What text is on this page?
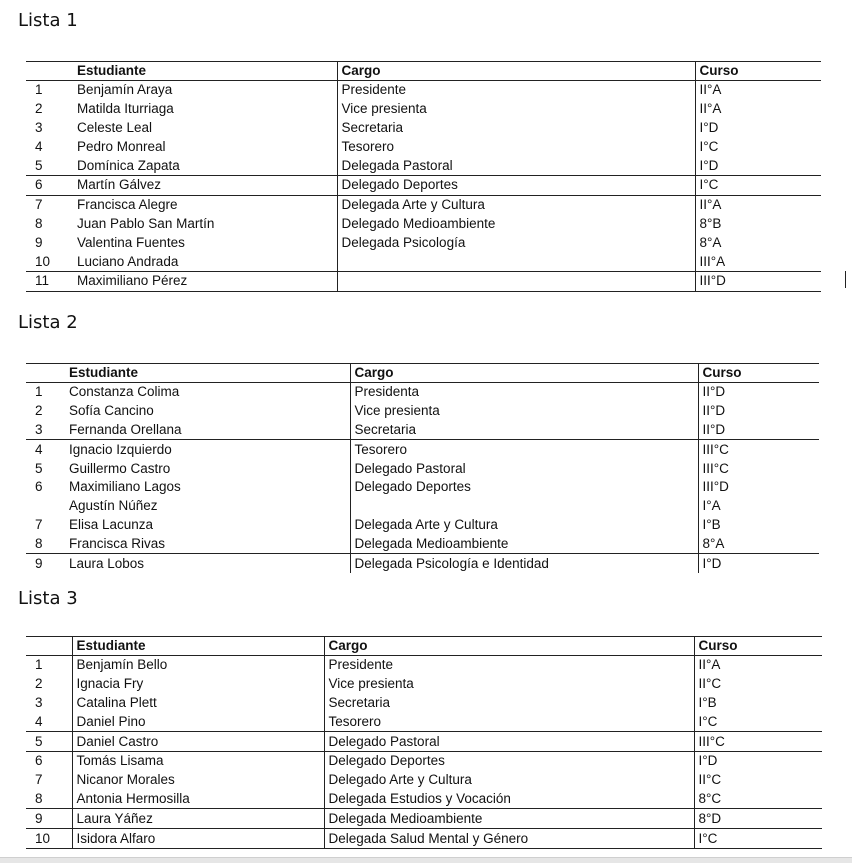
Lista 1
	Estudiante	Cargo	Curso
1	Benjamín Araya	Presidente	II°A
2	Matilda Iturriaga	Vice presienta	II°A
3	Celeste Leal	Secretaria	I°D
4	Pedro Monreal	Tesorero	I°C
5	Domínica Zapata	Delegada Pastoral	I°D
6	Martín Gálvez	Delegado Deportes	I°C
7	Francisca Alegre	Delegada Arte y Cultura	II°A
8	Juan Pablo San Martín	Delegado Medioambiente	8°B
9	Valentina Fuentes	Delegada Psicología	8°A
10	Luciano Andrada		III°A
11	Maximiliano Pérez		III°D
Lista 2
	Estudiante	Cargo	Curso
1	Constanza Colima	Presidenta	II°D
2	Sofía Cancino	Vice presienta	II°D
3	Fernanda Orellana	Secretaria	II°D
4	Ignacio Izquierdo	Tesorero	III°C
5	Guillermo Castro	Delegado Pastoral	III°C
6	Maximiliano Lagos	Delegado Deportes	III°D
	Agustín Núñez		I°A
7	Elisa Lacunza	Delegada Arte y Cultura	I°B
8	Francisca Rivas	Delegada Medioambiente	8°A
9	Laura Lobos	Delegada Psicología e Identidad	I°D
Lista 3
	Estudiante	Cargo	Curso
1	Benjamín Bello	Presidente	II°A
2	Ignacia Fry	Vice presienta	II°C
3	Catalina Plett	Secretaria	I°B
4	Daniel Pino	Tesorero	I°C
5	Daniel Castro	Delegado Pastoral	III°C
6	Tomás Lisama	Delegado Deportes	I°D
7	Nicanor Morales	Delegado Arte y Cultura	II°C
8	Antonia Hermosilla	Delegada Estudios y Vocación	8°C
9	Laura Yáñez	Delegada Medioambiente	8°D
10	Isidora Alfaro	Delegada Salud Mental y Género	I°C
